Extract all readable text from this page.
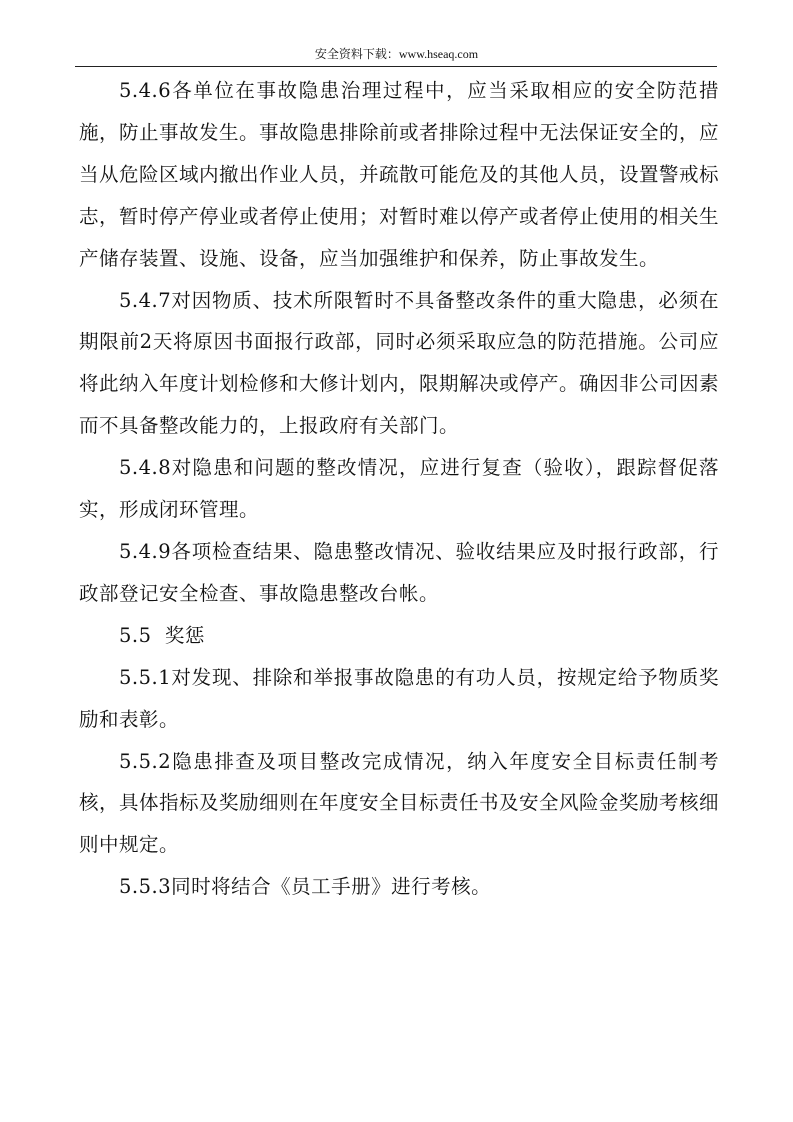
安全资料下载：www.hseaq.com

5.4.6各单位在事故隐患治理过程中，应当采取相应的安全防范措施，防止事故发生。事故隐患排除前或者排除过程中无法保证安全的，应当从危险区域内撤出作业人员，并疏散可能危及的其他人员，设置警戒标志，暂时停产停业或者停止使用；对暂时难以停产或者停止使用的相关生产储存装置、设施、设备，应当加强维护和保养，防止事故发生。

5.4.7对因物质、技术所限暂时不具备整改条件的重大隐患，必须在期限前2天将原因书面报行政部，同时必须采取应急的防范措施。公司应将此纳入年度计划检修和大修计划内，限期解决或停产。确因非公司因素而不具备整改能力的，上报政府有关部门。

5.4.8对隐患和问题的整改情况，应进行复查（验收），跟踪督促落实，形成闭环管理。

5.4.9各项检查结果、隐患整改情况、验收结果应及时报行政部，行政部登记安全检查、事故隐患整改台帐。

5.5  奖惩

5.5.1对发现、排除和举报事故隐患的有功人员，按规定给予物质奖励和表彰。

5.5.2隐患排查及项目整改完成情况，纳入年度安全目标责任制考核，具体指标及奖励细则在年度安全目标责任书及安全风险金奖励考核细则中规定。

5.5.3同时将结合《员工手册》进行考核。
